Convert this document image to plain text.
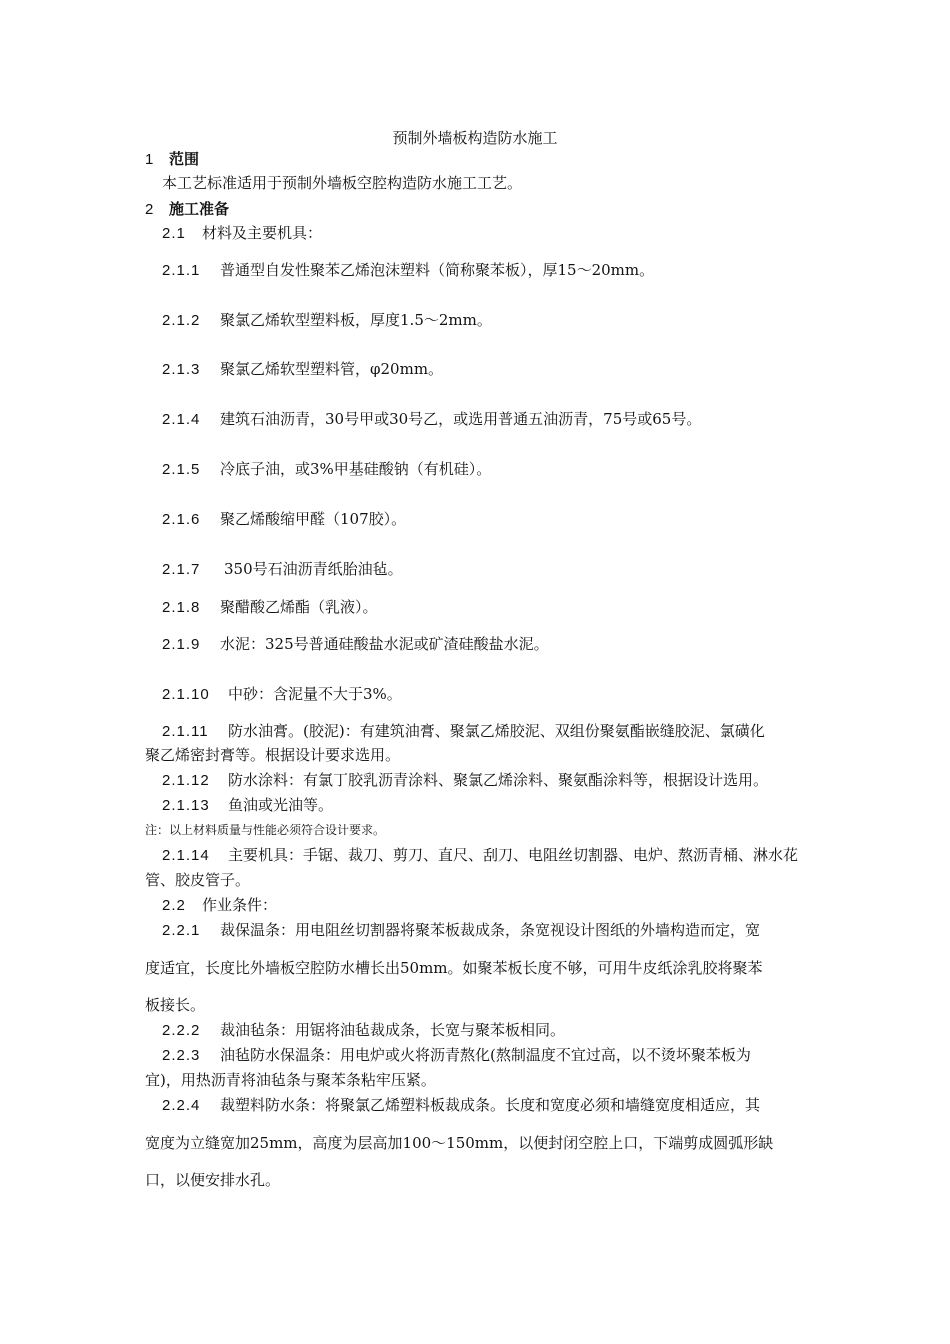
预制外墙板构造防水施工
1 范围
本工艺标准适用于预制外墙板空腔构造防水施工工艺。
2 施工准备
2.1 材料及主要机具：
2.1.1 普通型自发性聚苯乙烯泡沫塑料（简称聚苯板），厚15～20mm。
2.1.2 聚氯乙烯软型塑料板，厚度1.5～2mm。
2.1.3 聚氯乙烯软型塑料管，φ20mm。
2.1.4 建筑石油沥青，30号甲或30号乙，或选用普通五油沥青，75号或65号。
2.1.5 冷底子油，或3%甲基硅酸钠（有机硅）。
2.1.6 聚乙烯酸缩甲醛（107胶）。
2.1.7 350号石油沥青纸胎油毡。
2.1.8 聚醋酸乙烯酯（乳液）。
2.1.9 水泥：325号普通硅酸盐水泥或矿渣硅酸盐水泥。
2.1.10 中砂：含泥量不大于3%。
2.1.11 防水油膏。(胶泥)：有建筑油膏、聚氯乙烯胶泥、双组份聚氨酯嵌缝胶泥、氯磺化
聚乙烯密封膏等。根据设计要求选用。
2.1.12 防水涂料：有氯丁胶乳沥青涂料、聚氯乙烯涂料、聚氨酯涂料等，根据设计选用。
2.1.13 鱼油或光油等。
注：以上材料质量与性能必须符合设计要求。
2.1.14 主要机具：手锯、裁刀、剪刀、直尺、刮刀、电阻丝切割器、电炉、熬沥青桶、淋水花
管、胶皮管子。
2.2 作业条件：
2.2.1 裁保温条：用电阻丝切割器将聚苯板裁成条，条宽视设计图纸的外墙构造而定，宽
度适宜，长度比外墙板空腔防水槽长出50mm。如聚苯板长度不够，可用牛皮纸涂乳胶将聚苯
板接长。
2.2.2 裁油毡条：用锯将油毡裁成条，长宽与聚苯板相同。
2.2.3 油毡防水保温条：用电炉或火将沥青熬化(熬制温度不宜过高，以不烫坏聚苯板为
宜)，用热沥青将油毡条与聚苯条粘牢压紧。
2.2.4 裁塑料防水条：将聚氯乙烯塑料板裁成条。长度和宽度必须和墙缝宽度相适应，其
宽度为立缝宽加25mm，高度为层高加100～150mm，以便封闭空腔上口，下端剪成圆弧形缺
口，以便安排水孔。
